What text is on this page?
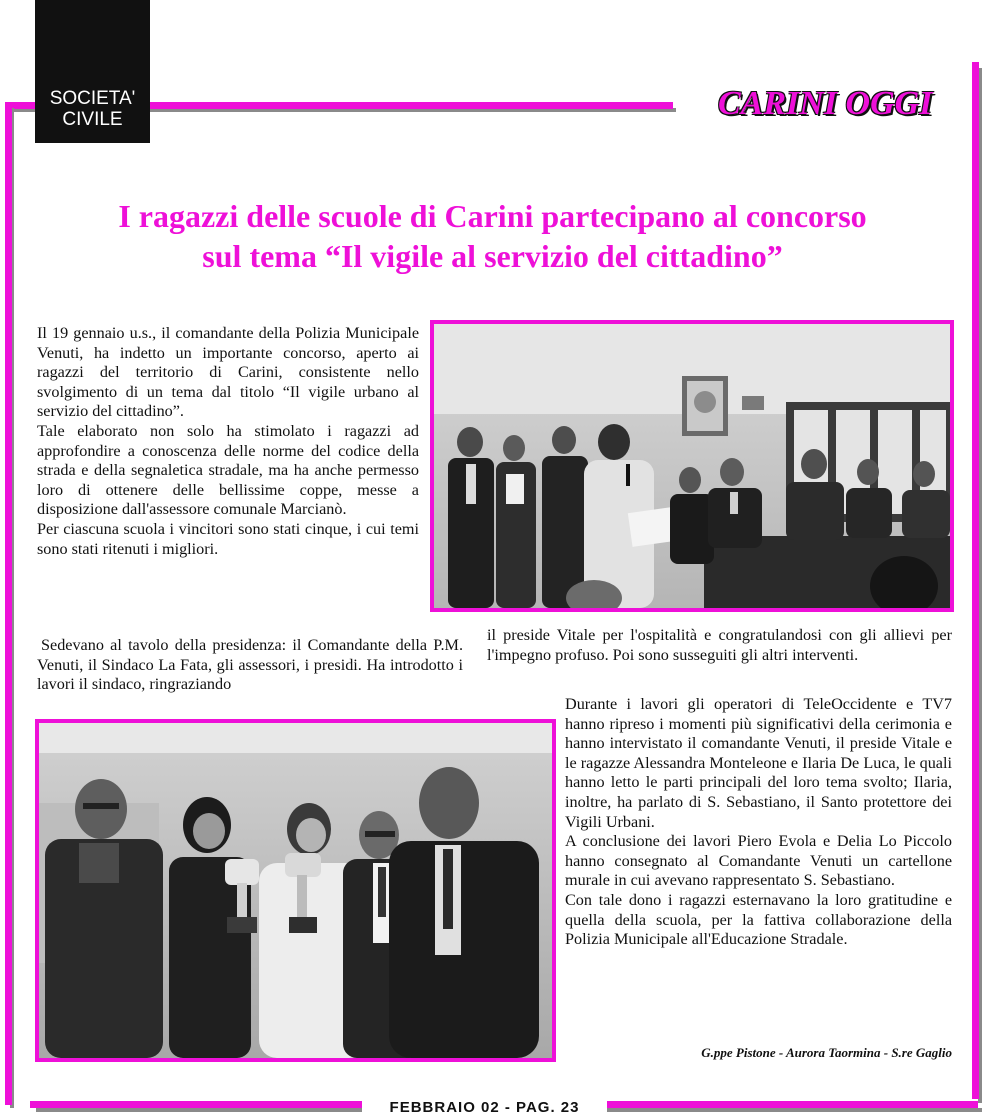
SOCIETA'
CIVILE	CARINI OGGI
I ragazzi delle scuole di Carini partecipano al concorso
sul tema “Il vigile al servizio del cittadino”

Il 19 gennaio u.s., il comandante della Polizia Municipale Venuti, ha indetto un importante concorso, aperto ai ragazzi del territorio di Carini, consistente nello svolgimento di un tema dal titolo “Il vigile urbano al servizio del cittadino”.

Tale elaborato non solo ha stimolato i ragazzi ad approfondire a conoscenza delle norme del codice della strada e della segnaletica stradale, ma ha anche permesso loro di ottenere delle bellissime coppe, messe a disposizione dall'assessore comunale Marcianò.

Per ciascuna scuola i vincitori sono stati cinque, i cui temi sono stati ritenuti i migliori.

Sedevano al tavolo della presidenza: il Comandante della P.M. Venuti, il Sindaco La Fata, gli assessori, i presidi. Ha introdotto i lavori il sindaco, ringraziando

il preside Vitale per l'ospitalità e congratulandosi con gli allievi per l'impegno profuso. Poi sono susseguiti gli altri interventi.

Durante i lavori gli operatori di TeleOccidente e TV7 hanno ripreso i momenti più significativi della cerimonia e hanno intervistato il comandante Venuti, il preside Vitale e le ragazze Alessandra Monteleone e Ilaria De Luca, le quali hanno letto le parti principali del loro tema svolto; Ilaria, inoltre, ha parlato di S. Sebastiano, il Santo protettore dei Vigili Urbani.

A conclusione dei lavori Piero Evola e Delia Lo Piccolo hanno consegnato al Comandante Venuti un cartellone murale in cui avevano rappresentato S. Sebastiano.

Con tale dono i ragazzi esternavano la loro gratitudine e quella della scuola, per la fattiva collaborazione della Polizia Municipale all'Educazione Stradale.

G.ppe Pistone - Aurora Taormina - S.re Gaglio
FEBBRAIO 02 - PAG. 23
